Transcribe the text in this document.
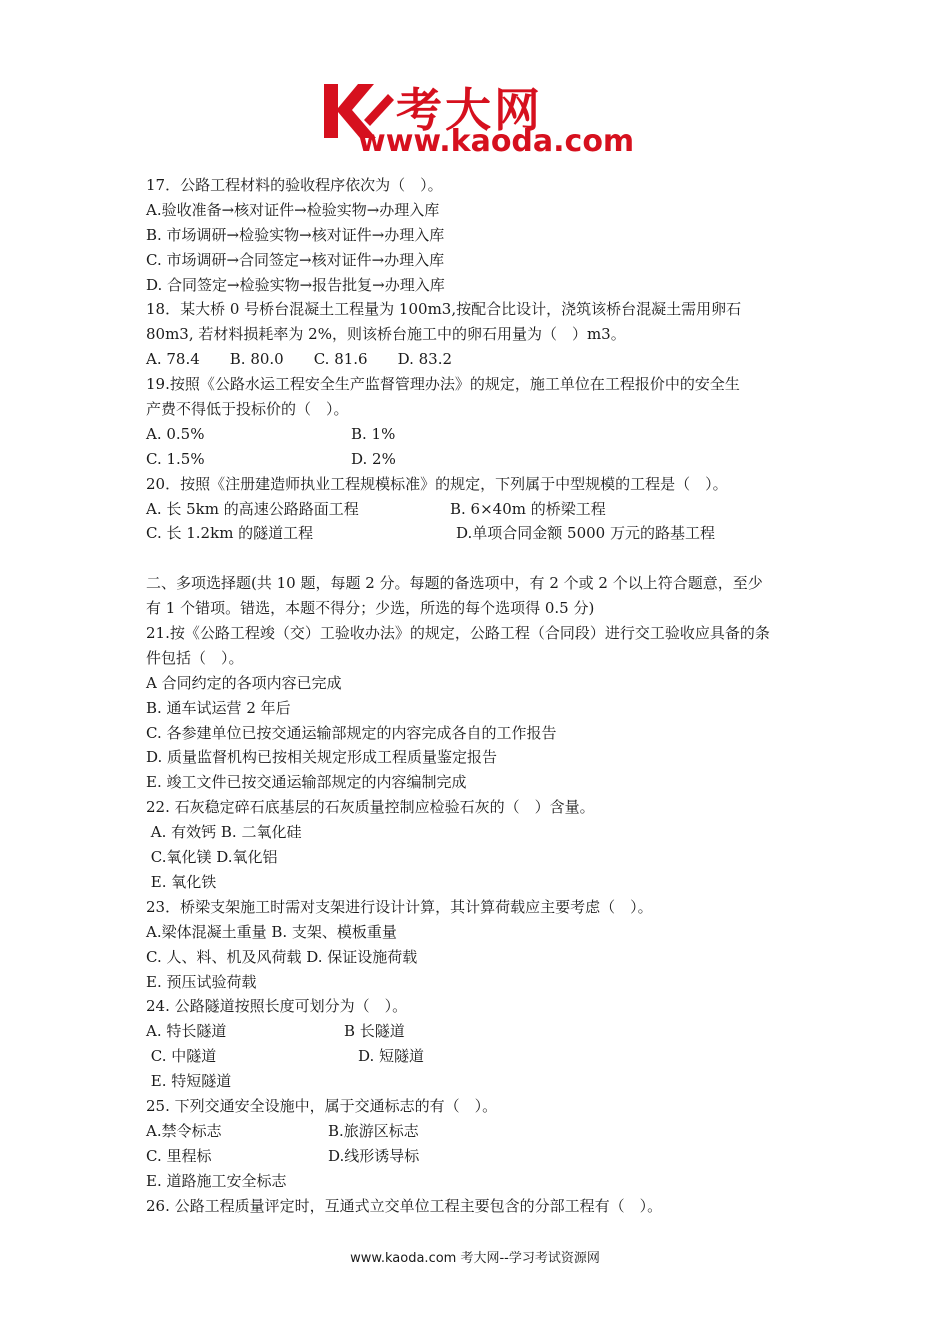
考大网
www.kaoda.com
17．公路工程材料的验收程序依次为（　）。
A.验收准备→核对证件→检验实物→办理入库
B. 市场调研→检验实物→核对证件→办理入库
C. 市场调研→合同签定→核对证件→办理入库
D. 合同签定→检验实物→报告批复→办理入库
18．某大桥 0 号桥台混凝土工程量为 100m3,按配合比设计，浇筑该桥台混凝土需用卵石
80m3, 若材料损耗率为 2%，则该桥台施工中的卵石用量为（　）m3。
A. 78.4　　B. 80.0　　C. 81.6　　D. 83.2
19.按照《公路水运工程安全生产监督管理办法》的规定，施工单位在工程报价中的安全生
产费不得低于投标价的（　）。
A. 0.5%	B. 1%
C. 1.5%	D. 2%
20．按照《注册建造师执业工程规模标准》的规定，下列属于中型规模的工程是（　）。
A. 长 5km 的高速公路路面工程	B. 6×40m 的桥梁工程
C. 长 1.2km 的隧道工程	D.单项合同金额 5000 万元的路基工程
二、多项选择题(共 10 题，每题 2 分。每题的备选项中，有 2 个或 2 个以上符合题意，至少
有 1 个错项。错选，本题不得分；少选，所选的每个选项得 0.5 分)
21.按《公路工程竣（交）工验收办法》的规定，公路工程（合同段）进行交工验收应具备的条
件包括（　）。
A 合同约定的各项内容已完成
B. 通车试运营 2 年后
C. 各参建单位已按交通运输部规定的内容完成各自的工作报告
D. 质量监督机构已按相关规定形成工程质量鉴定报告
E. 竣工文件已按交通运输部规定的内容编制完成
22. 石灰稳定碎石底基层的石灰质量控制应检验石灰的（　）含量。
A. 有效钙 B. 二氧化硅
C.氧化镁 D.氧化铝
E. 氧化铁
23．桥梁支架施工时需对支架进行设计计算，其计算荷载应主要考虑（　）。
A.梁体混凝土重量 B. 支架、模板重量
C. 人、料、机及风荷载 D. 保证设施荷载
E. 预压试验荷载
24. 公路隧道按照长度可划分为（　）。
A. 特长隧道	B 长隧道
C. 中隧道	D. 短隧道
E. 特短隧道
25. 下列交通安全设施中，属于交通标志的有（　）。
A.禁令标志	B.旅游区标志
C. 里程标	D.线形诱导标
E. 道路施工安全标志
26. 公路工程质量评定时，互通式立交单位工程主要包含的分部工程有（　）。
www.kaoda.com 考大网--学习考试资源网
